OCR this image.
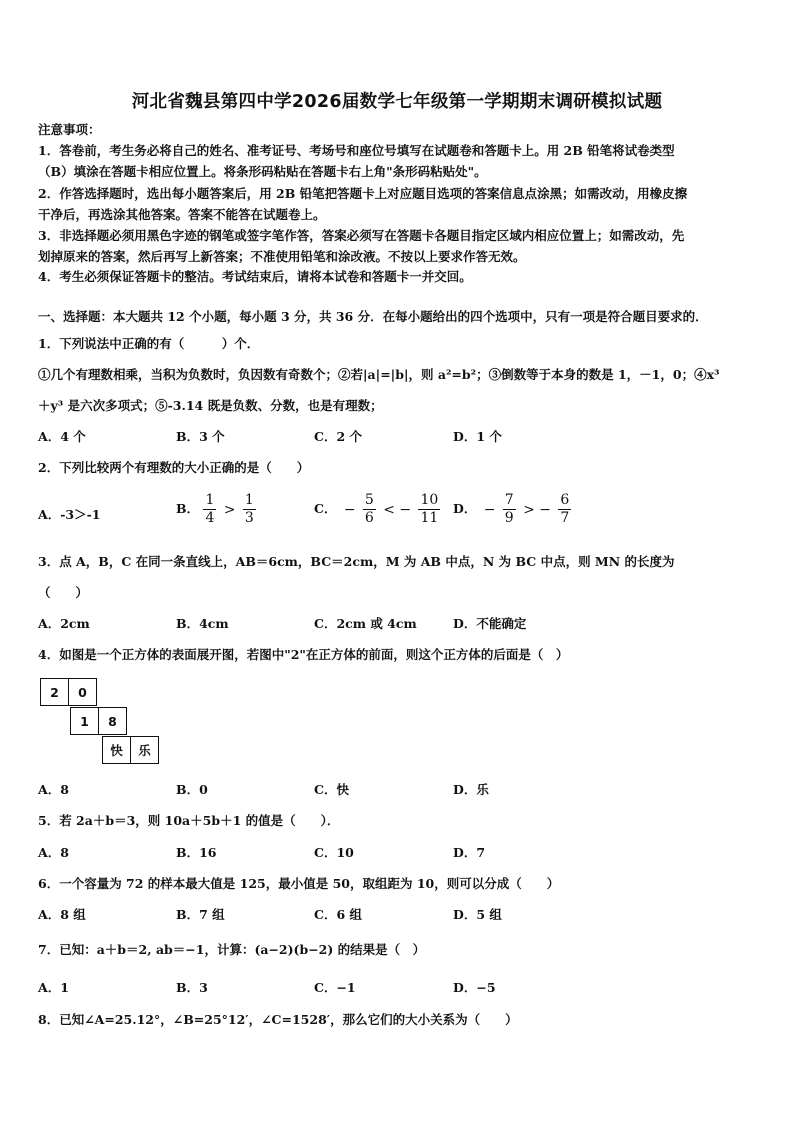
河北省魏县第四中学2026届数学七年级第一学期期末调研模拟试题
注意事项：
1．答卷前，考生务必将自己的姓名、准考证号、考场号和座位号填写在试题卷和答题卡上。用 2B 铅笔将试卷类型
（B）填涂在答题卡相应位置上。将条形码粘贴在答题卡右上角"条形码粘贴处"。
2．作答选择题时，选出每小题答案后，用 2B 铅笔把答题卡上对应题目选项的答案信息点涂黑；如需改动，用橡皮擦
干净后，再选涂其他答案。答案不能答在试题卷上。
3．非选择题必须用黑色字迹的钢笔或签字笔作答，答案必须写在答题卡各题目指定区域内相应位置上；如需改动，先
划掉原来的答案，然后再写上新答案；不准使用铅笔和涂改液。不按以上要求作答无效。
4．考生必须保证答题卡的整洁。考试结束后，请将本试卷和答题卡一并交回。
一、选择题：本大题共 12 个小题，每小题 3 分，共 36 分．在每小题给出的四个选项中，只有一项是符合题目要求的．
1．下列说法中正确的有（　　　）个．
①几个有理数相乘，当积为负数时，负因数有奇数个；②若|a|=|b|，则 a²=b²；③倒数等于本身的数是 1，－1，0；④x³
＋y³ 是六次多项式；⑤-3.14 既是负数、分数，也是有理数；
A．4 个	B．3 个	C．2 个	D．1 个
2．下列比较两个有理数的大小正确的是（　　）
A．-3＞-1	B． $\frac{1}{4} > \frac{1}{3}$	C． − $\frac{5}{6}$ < − $\frac{10}{11}$ D． − $\frac{7}{9}$ > − $\frac{6}{7}$
3．点 A，B，C 在同一条直线上，AB＝6cm，BC＝2cm，M 为 AB 中点，N 为 BC 中点，则 MN 的长度为
（　　）
A．2cm	B．4cm	C．2cm 或 4cm	D．不能确定
4．如图是一个正方体的表面展开图，若图中"2"在正方体的前面，则这个正方体的后面是（　）
2	0
1	8
快	乐
A．8	B．0	C．快	D．乐
5．若 2a＋b＝3，则 10a＋5b＋1 的值是（　　）．
A．8	B．16	C．10	D．7
6．一个容量为 72 的样本最大值是 125，最小值是 50，取组距为 10，则可以分成（　　）
A．8 组	B．7 组	C．6 组	D．5 组
7．已知：a＋b＝2, ab＝−1，计算：(a−2)(b−2) 的结果是（　）
A．1	B．3	C．−1	D．−5
8．已知∠A=25.12°，∠B=25°12′，∠C=1528′，那么它们的大小关系为（　　）
